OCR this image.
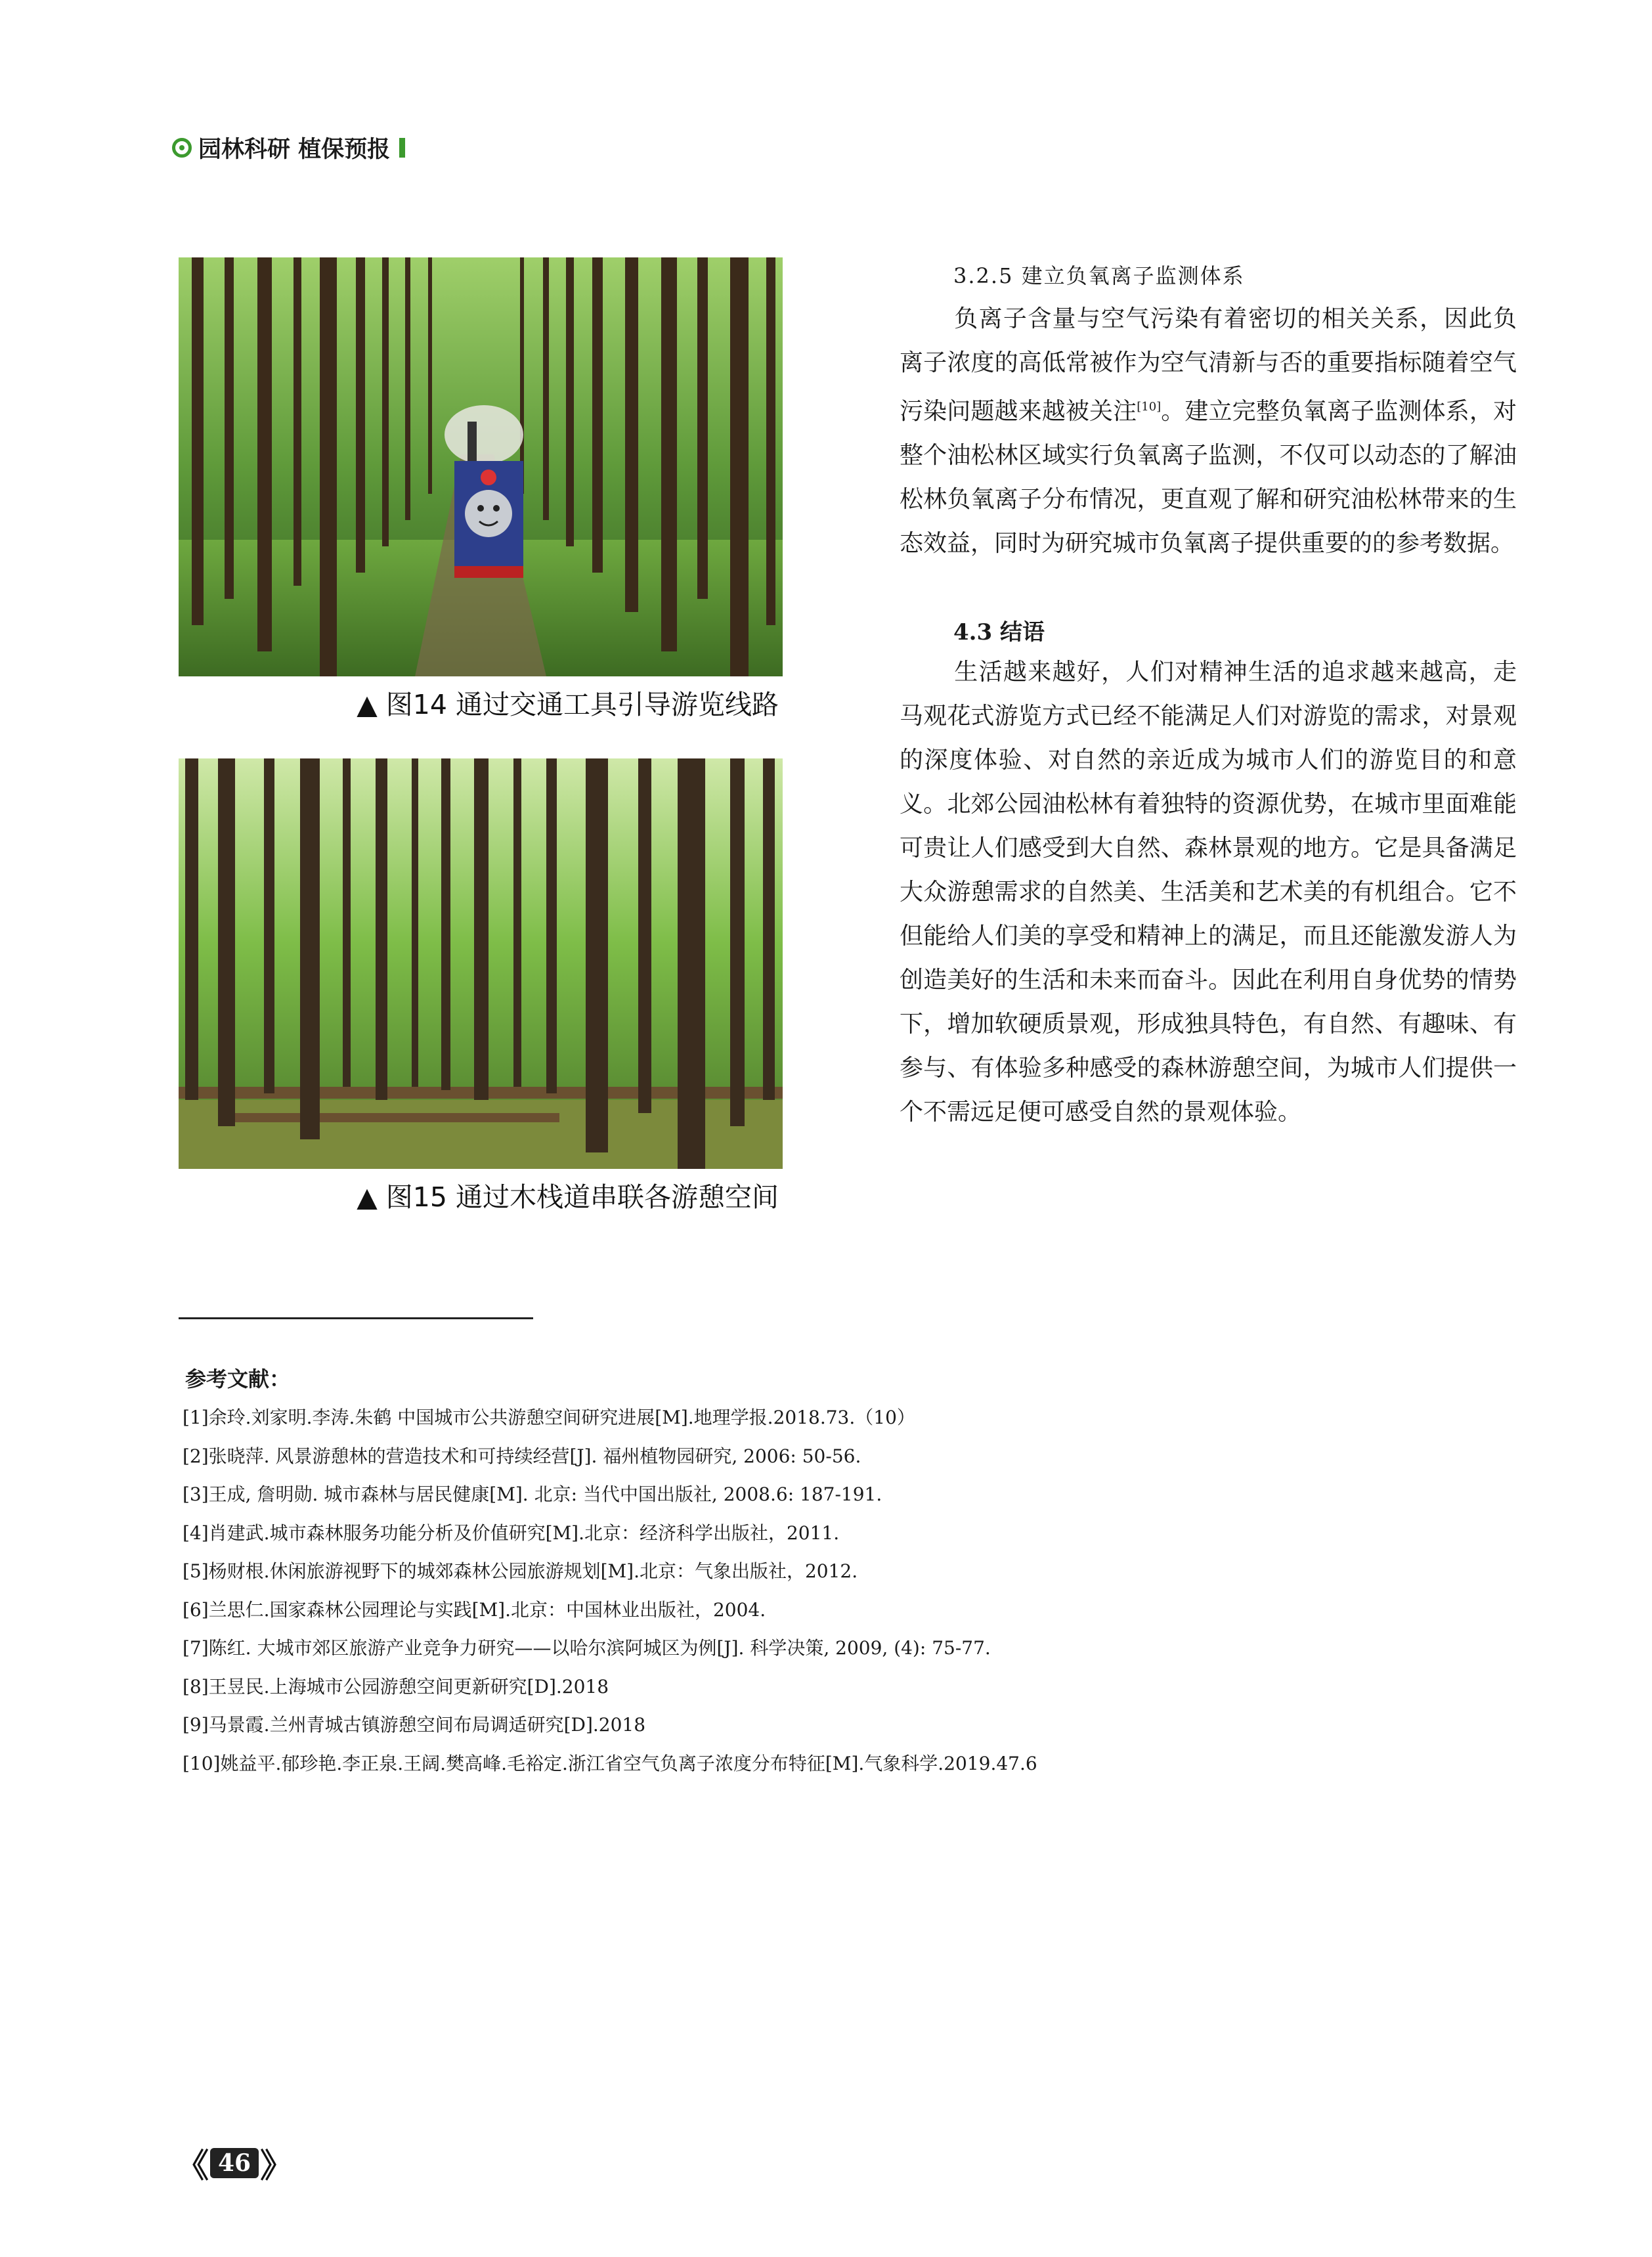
园林科研 植保预报
▲ 图14 通过交通工具引导游览线路
▲ 图15 通过木栈道串联各游憩空间
3.2.5 建立负氧离子监测体系

负离子含量与空气污染有着密切的相关关系，因此负离子浓度的高低常被作为空气清新与否的重要指标随着空气污染问题越来越被关注[10]。建立完整负氧离子监测体系，对整个油松林区域实行负氧离子监测，不仅可以动态的了解油松林负氧离子分布情况，更直观了解和研究油松林带来的生态效益，同时为研究城市负氧离子提供重要的的参考数据。

4.3 结语

生活越来越好，人们对精神生活的追求越来越高，走马观花式游览方式已经不能满足人们对游览的需求，对景观的深度体验、对自然的亲近成为城市人们的游览目的和意义。北郊公园油松林有着独特的资源优势，在城市里面难能可贵让人们感受到大自然、森林景观的地方。它是具备满足大众游憩需求的自然美、生活美和艺术美的有机组合。它不但能给人们美的享受和精神上的满足，而且还能激发游人为创造美好的生活和未来而奋斗。因此在利用自身优势的情势下，增加软硬质景观，形成独具特色，有自然、有趣味、有参与、有体验多种感受的森林游憩空间，为城市人们提供一个不需远足便可感受自然的景观体验。

参考文献：
[1]余玲.刘家明.李涛.朱鹤 中国城市公共游憩空间研究进展[M].地理学报.2018.73.（10）
[2]张晓萍. 风景游憩林的营造技术和可持续经营[J]. 福州植物园研究, 2006: 50-56.
[3]王成, 詹明勋. 城市森林与居民健康[M]. 北京: 当代中国出版社, 2008.6: 187-191.
[4]肖建武.城市森林服务功能分析及价值研究[M].北京：经济科学出版社，2011.
[5]杨财根.休闲旅游视野下的城郊森林公园旅游规划[M].北京：气象出版社，2012.
[6]兰思仁.国家森林公园理论与实践[M].北京：中国林业出版社，2004.
[7]陈红. 大城市郊区旅游产业竞争力研究——以哈尔滨阿城区为例[J]. 科学决策, 2009, (4): 75-77.
[8]王昱民.上海城市公园游憩空间更新研究[D].2018
[9]马景霞.兰州青城古镇游憩空间布局调适研究[D].2018
[10]姚益平.郁珍艳.李正泉.王阔.樊高峰.毛裕定.浙江省空气负离子浓度分布特征[M].气象科学.2019.47.6
《 46 》
